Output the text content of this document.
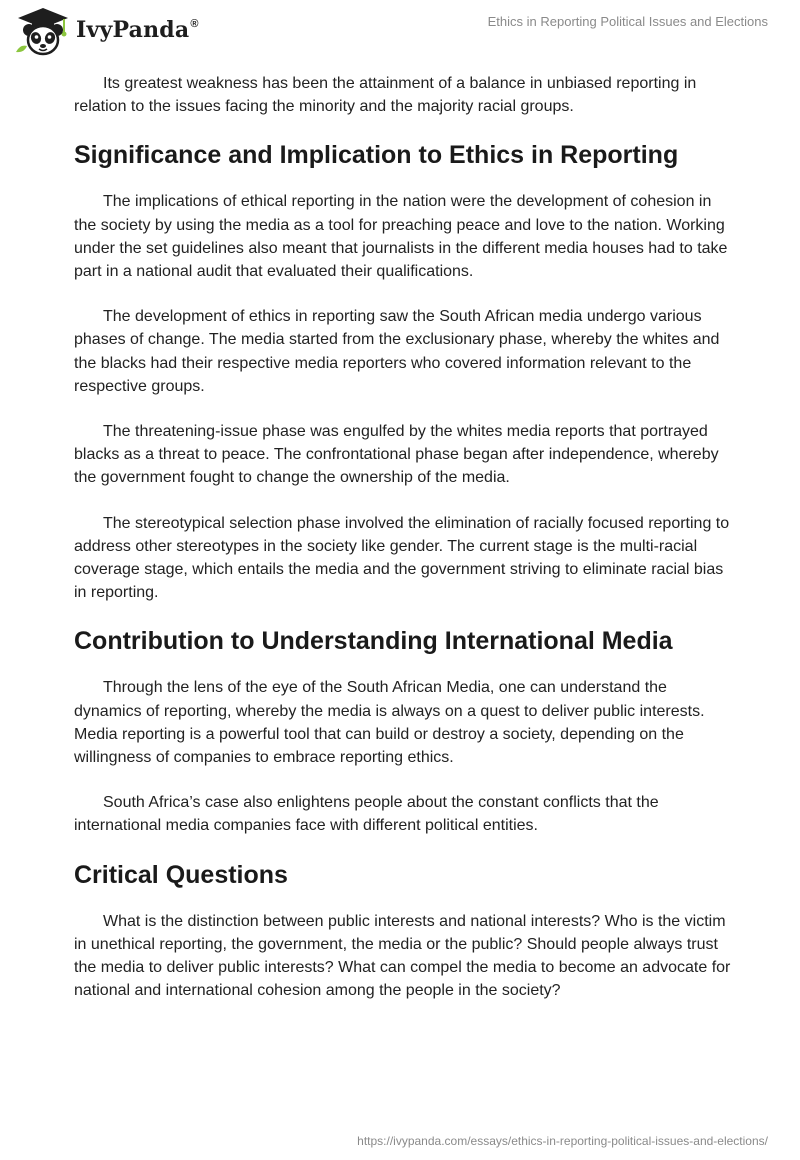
IvyPanda®	Ethics in Reporting Political Issues and Elections

Its greatest weakness has been the attainment of a balance in unbiased reporting in relation to the issues facing the minority and the majority racial groups.

Significance and Implication to Ethics in Reporting

The implications of ethical reporting in the nation were the development of cohesion in the society by using the media as a tool for preaching peace and love to the nation. Working under the set guidelines also meant that journalists in the different media houses had to take part in a national audit that evaluated their qualifications.

The development of ethics in reporting saw the South African media undergo various phases of change. The media started from the exclusionary phase, whereby the whites and the blacks had their respective media reporters who covered information relevant to the respective groups.

The threatening-issue phase was engulfed by the whites media reports that portrayed blacks as a threat to peace. The confrontational phase began after independence, whereby the government fought to change the ownership of the media.

The stereotypical selection phase involved the elimination of racially focused reporting to address other stereotypes in the society like gender. The current stage is the multi-racial coverage stage, which entails the media and the government striving to eliminate racial bias in reporting.

Contribution to Understanding International Media

Through the lens of the eye of the South African Media, one can understand the dynamics of reporting, whereby the media is always on a quest to deliver public interests. Media reporting is a powerful tool that can build or destroy a society, depending on the willingness of companies to embrace reporting ethics.

South Africa’s case also enlightens people about the constant conflicts that the international media companies face with different political entities.

Critical Questions

What is the distinction between public interests and national interests? Who is the victim in unethical reporting, the government, the media or the public? Should people always trust the media to deliver public interests? What can compel the media to become an advocate for national and international cohesion among the people in the society?

https://ivypanda.com/essays/ethics-in-reporting-political-issues-and-elections/
